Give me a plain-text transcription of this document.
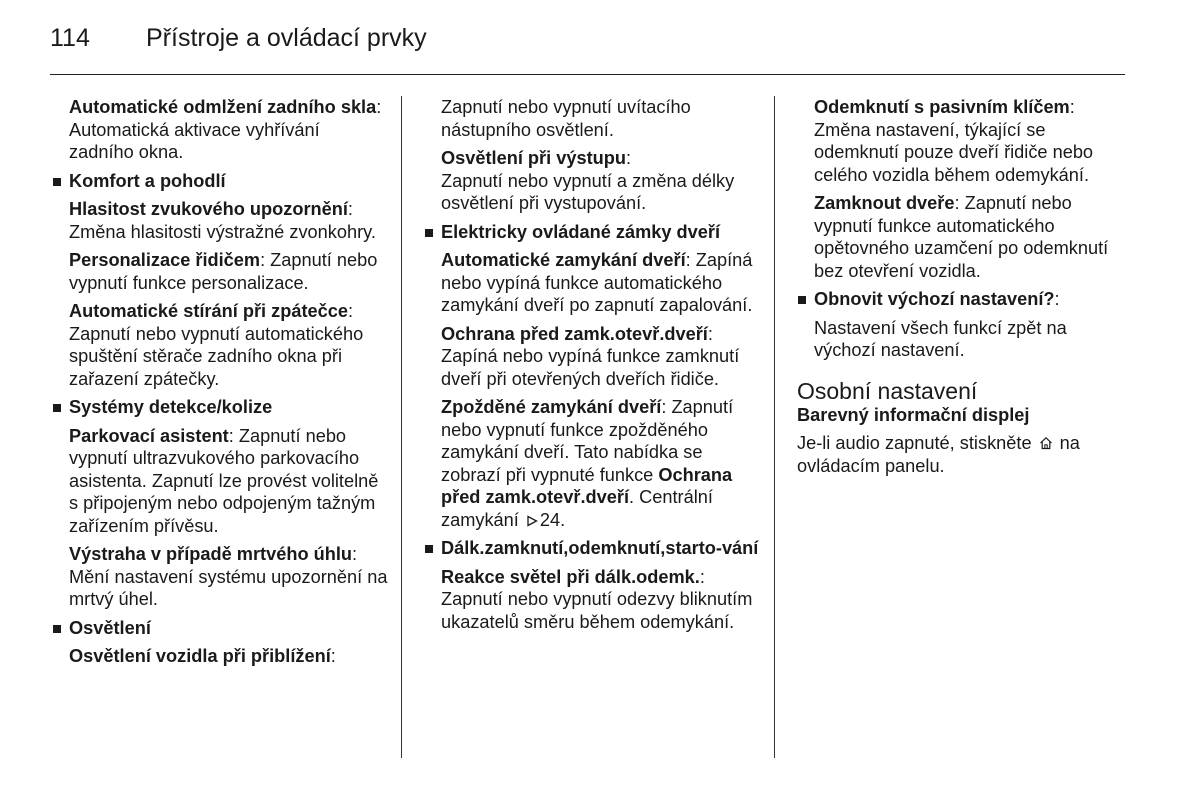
114 Přístroje a ovládací prvky

Automatické odmlžení zadního skla: Automatická aktivace vyhřívání zadního okna.

Komfort a pohodlí

Hlasitost zvukového upozornění: Změna hlasitosti výstražné zvonkohry.

Personalizace řidičem: Zapnutí nebo vypnutí funkce personalizace.

Automatické stírání při zpátečce:

Zapnutí nebo vypnutí automatického spuštění stěrače zadního okna při zařazení zpátečky.

Systémy detekce/kolize

Parkovací asistent: Zapnutí nebo vypnutí ultrazvukového parkovacího asistenta. Zapnutí lze provést volitelně s připojeným nebo odpojeným tažným zařízením přívěsu.

Výstraha v případě mrtvého úhlu: Mění nastavení systému upozornění na mrtvý úhel.

Osvětlení

Osvětlení vozidla při přiblížení:

Zapnutí nebo vypnutí uvítacího nástupního osvětlení.

Osvětlení při výstupu:

Zapnutí nebo vypnutí a změna délky osvětlení při vystupování.

Elektricky ovládané zámky dveří

Automatické zamykání dveří: Zapíná nebo vypíná funkce automatického zamykání dveří po zapnutí zapalování.

Ochrana před zamk.otevř.dveří: Zapíná nebo vypíná funkce zamknutí dveří při otevřených dveřích řidiče.

Zpožděné zamykání dveří: Zapnutí nebo vypnutí funkce zpožděného zamykání dveří. Tato nabídka se zobrazí při vypnuté funkce Ochrana před zamk.otevř.dveří. Centrální zamykání 24.

Dálk.zamknutí,odemknutí,starto-vání

Reakce světel při dálk.odemk.:

Zapnutí nebo vypnutí odezvy bliknutím ukazatelů směru během odemykání.

Odemknutí s pasivním klíčem: Změna nastavení, týkající se odemknutí pouze dveří řidiče nebo celého vozidla během odemykání.

Zamknout dveře: Zapnutí nebo vypnutí funkce automatického opětovného uzamčení po odemknutí bez otevření vozidla.

Obnovit výchozí nastavení?:

Nastavení všech funkcí zpět na výchozí nastavení.

Osobní nastavení
Barevný informační displej

Je-li audio zapnuté, stiskněte  na ovládacím panelu.
